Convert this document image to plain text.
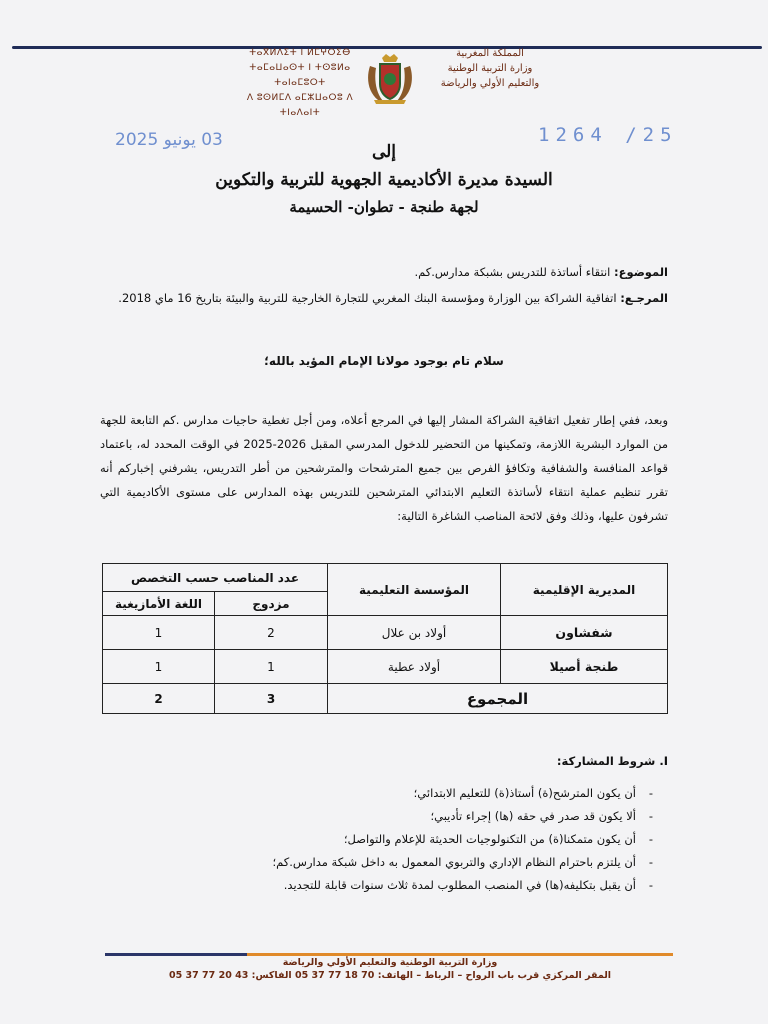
ⵜⴰⴳⵍⴷⵉⵜ ⵏ ⵍⵎⵖⵔⵉⴱ
ⵜⴰⵎⴰⵡⴰⵙⵜ ⵏ ⵜⵙⵓⵍⴰ ⵜⴰⵏⴰⵎⵓⵔⵜ
ⴷ ⵓⵙⵍⵎⴷ ⴰⵎⵣⵡⴰⵔⵓ ⴷ ⵜⵏⴰⴷⴰⵏⵜ
المملكة المغربية
وزارة التربية الوطنية
والتعليم الأولي والرياضة
03 يونيو 2025	1264 /25
إلى
السيدة مديرة الأكاديمية الجهوية للتربية والتكوين
لجهة طنجة - تطوان- الحسيمة
الموضوع: انتقاء أساتذة للتدريس بشبكة مدارس.كم.
المرجـع: اتفاقية الشراكة بين الوزارة ومؤسسة البنك المغربي للتجارة الخارجية للتربية والبيئة بتاريخ 16 ماي 2018.
سلام تام بوجود مولانا الإمام المؤيد بالله؛
وبعد، ففي إطار تفعيل اتفاقية الشراكة المشار إليها في المرجع أعلاه، ومن أجل تغطية حاجيات مدارس .كم التابعة للجهة من الموارد البشرية اللازمة، وتمكينها من التحضير للدخول المدرسي المقبل 2026-2025 في الوقت المحدد له، باعتماد قواعد المنافسة والشفافية وتكافؤ الفرص بين جميع المترشحات والمترشحين من أطر التدريس، يشرفني إخباركم أنه تقرر تنظيم عملية انتقاء لأساتذة التعليم الابتدائي المترشحين للتدريس بهذه المدارس على مستوى الأكاديمية التي تشرفون عليها، وذلك وفق لائحة المناصب الشاغرة التالية:
المديرية الإقليمية	المؤسسة التعليمية	عدد المناصب حسب التخصص	
		مزدوج	اللغة الأمازيغية
شفشاون	أولاد بن علال	2	1
طنجة أصيلا	أولاد عطية	1	1
المجموع		3	2
I. شروط المشاركة:
-أن يكون المترشح(ة) أستاذ(ة) للتعليم الابتدائي؛
-ألا يكون قد صدر في حقه (ها) إجراء تأديبي؛
-أن يكون متمكنا(ة) من التكنولوجيات الحديثة للإعلام والتواصل؛
-أن يلتزم باحترام النظام الإداري والتربوي المعمول به داخل شبكة مدارس.كم؛
-أن يقبل بتكليفه(ها) في المنصب المطلوب لمدة ثلاث سنوات قابلة للتجديد.
وزارة التربية الوطنية والتعليم الأولي والرياضة
المقر المركزي قرب باب الرواح – الرباط – الهاتف: 70 18 77 37 05 الفاكس: 43 20 77 37 05
